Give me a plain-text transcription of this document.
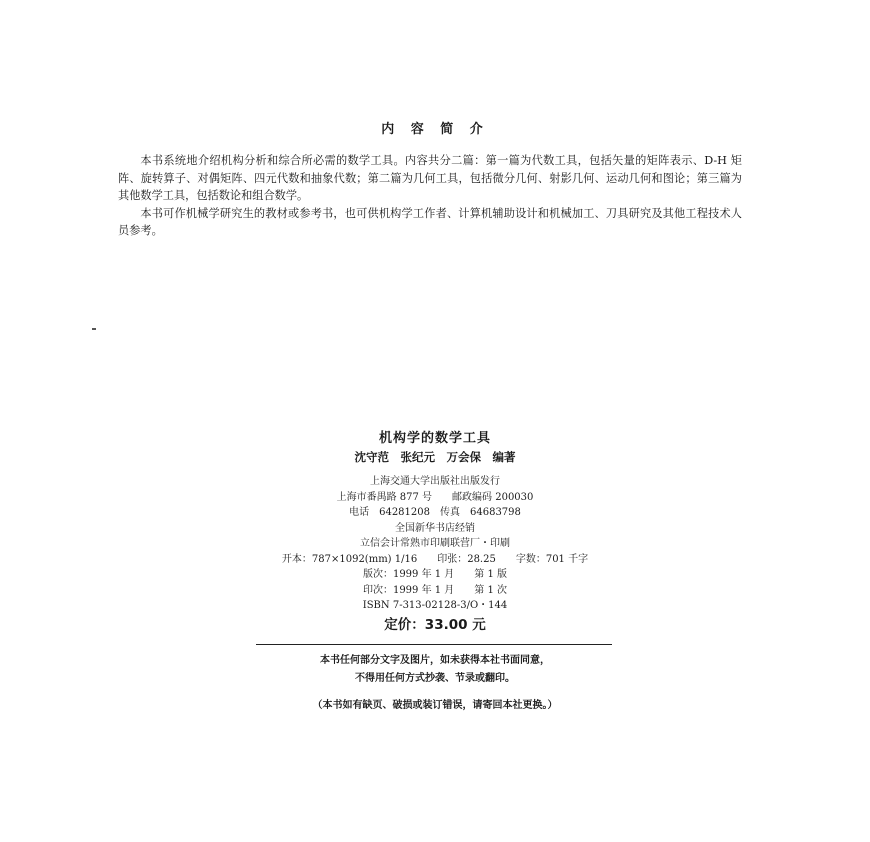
内 容 简 介

本书系统地介绍机构分析和综合所必需的数学工具。内容共分二篇：第一篇为代数工具，包括矢量的矩阵表示、D-H 矩阵、旋转算子、对偶矩阵、四元代数和抽象代数；第二篇为几何工具，包括微分几何、射影几何、运动几何和图论；第三篇为其他数学工具，包括数论和组合数学。

本书可作机械学研究生的教材或参考书，也可供机构学工作者、计算机辅助设计和机械加工、刀具研究及其他工程技术人员参考。

机构学的数学工具
沈守范　张纪元　万会保　编著
上海交通大学出版社出版发行
上海市番禺路 877 号　　邮政编码 200030
电话　64281208　传真　64683798
全国新华书店经销
立信会计常熟市印刷联营厂・印刷
开本：787×1092(mm) 1/16　　印张：28.25　　字数：701 千字
版次：1999 年 1 月　　第 1 版
印次：1999 年 1 月　　第 1 次
ISBN 7-313-02128-3/O・144
定价：33.00 元
本书任何部分文字及图片，如未获得本社书面同意，
不得用任何方式抄袭、节录或翻印。
（本书如有缺页、破损或装订错误，请寄回本社更换。）
